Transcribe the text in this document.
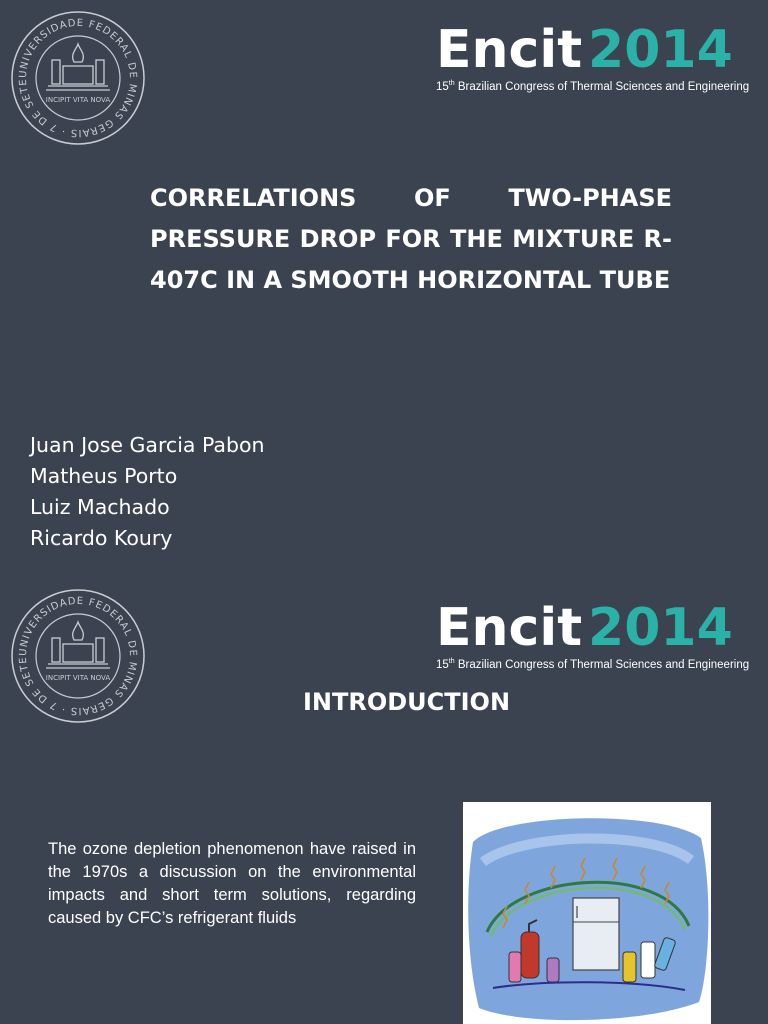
UNIVERSIDADE FEDERAL DE MINAS GERAIS · 7 DE SETE
INCIPIT VITA NOVA
Encit 2014
15th Brazilian Congress of Thermal Sciences and Engineering
CORRELATIONS OF TWO-PHASE PRESSURE DROP FOR THE MIXTURE R-407C IN A SMOOTH HORIZONTAL TUBE
Juan Jose Garcia Pabon
Matheus Porto
Luiz Machado
Ricardo Koury
UNIVERSIDADE FEDERAL DE MINAS GERAIS · 7 DE SETE
INCIPIT VITA NOVA
Encit 2014
15th Brazilian Congress of Thermal Sciences and Engineering
INTRODUCTION

The ozone depletion phenomenon have raised in the 1970s a discussion on the environmental impacts and short term solutions, regarding caused by CFC’s refrigerant fluids
